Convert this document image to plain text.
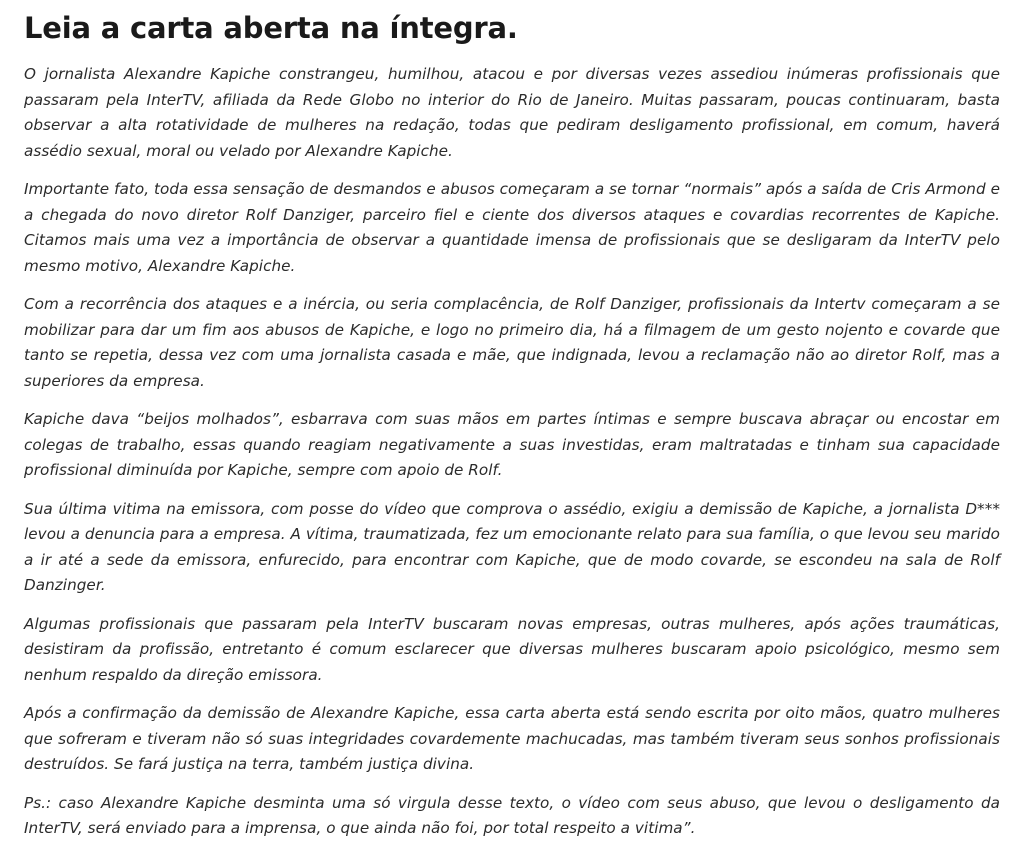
Leia a carta aberta na íntegra.

O jornalista Alexandre Kapiche constrangeu, humilhou, atacou e por diversas vezes assediou inúmeras profissionais que passaram pela InterTV, afiliada da Rede Globo no interior do Rio de Janeiro. Muitas passaram, poucas continuaram, basta observar a alta rotatividade de mulheres na redação, todas que pediram desligamento profissional, em comum, haverá assédio sexual, moral ou velado por Alexandre Kapiche.

Importante fato, toda essa sensação de desmandos e abusos começaram a se tornar “normais” após a saída de Cris Armond e a chegada do novo diretor Rolf Danziger, parceiro fiel e ciente dos diversos ataques e covardias recorrentes de Kapiche. Citamos mais uma vez a importância de observar a quantidade imensa de profissionais que se desligaram da InterTV pelo mesmo motivo, Alexandre Kapiche.

Com a recorrência dos ataques e a inércia, ou seria complacência, de Rolf Danziger, profissionais da Intertv começaram a se mobilizar para dar um fim aos abusos de Kapiche, e logo no primeiro dia, há a filmagem de um gesto nojento e covarde que tanto se repetia, dessa vez com uma jornalista casada e mãe, que indignada, levou a reclamação não ao diretor Rolf, mas a superiores da empresa.

Kapiche dava “beijos molhados”, esbarrava com suas mãos em partes íntimas e sempre buscava abraçar ou encostar em colegas de trabalho, essas quando reagiam negativamente a suas investidas, eram maltratadas e tinham sua capacidade profissional diminuída por Kapiche, sempre com apoio de Rolf.

Sua última vitima na emissora, com posse do vídeo que comprova o assédio, exigiu a demissão de Kapiche, a jornalista D*** levou a denuncia para a empresa. A vítima, traumatizada, fez um emocionante relato para sua família, o que levou seu marido a ir até a sede da emissora, enfurecido, para encontrar com Kapiche, que de modo covarde, se escondeu na sala de Rolf Danzinger.

Algumas profissionais que passaram pela InterTV buscaram novas empresas, outras mulheres, após ações traumáticas, desistiram da profissão, entretanto é comum esclarecer que diversas mulheres buscaram apoio psicológico, mesmo sem nenhum respaldo da direção emissora.

Após a confirmação da demissão de Alexandre Kapiche, essa carta aberta está sendo escrita por oito mãos, quatro mulheres que sofreram e tiveram não só suas integridades covardemente machucadas, mas também tiveram seus sonhos profissionais destruídos. Se fará justiça na terra, também justiça divina.

Ps.: caso Alexandre Kapiche desminta uma só virgula desse texto, o vídeo com seus abuso, que levou o desligamento da InterTV, será enviado para a imprensa, o que ainda não foi, por total respeito a vitima”.
